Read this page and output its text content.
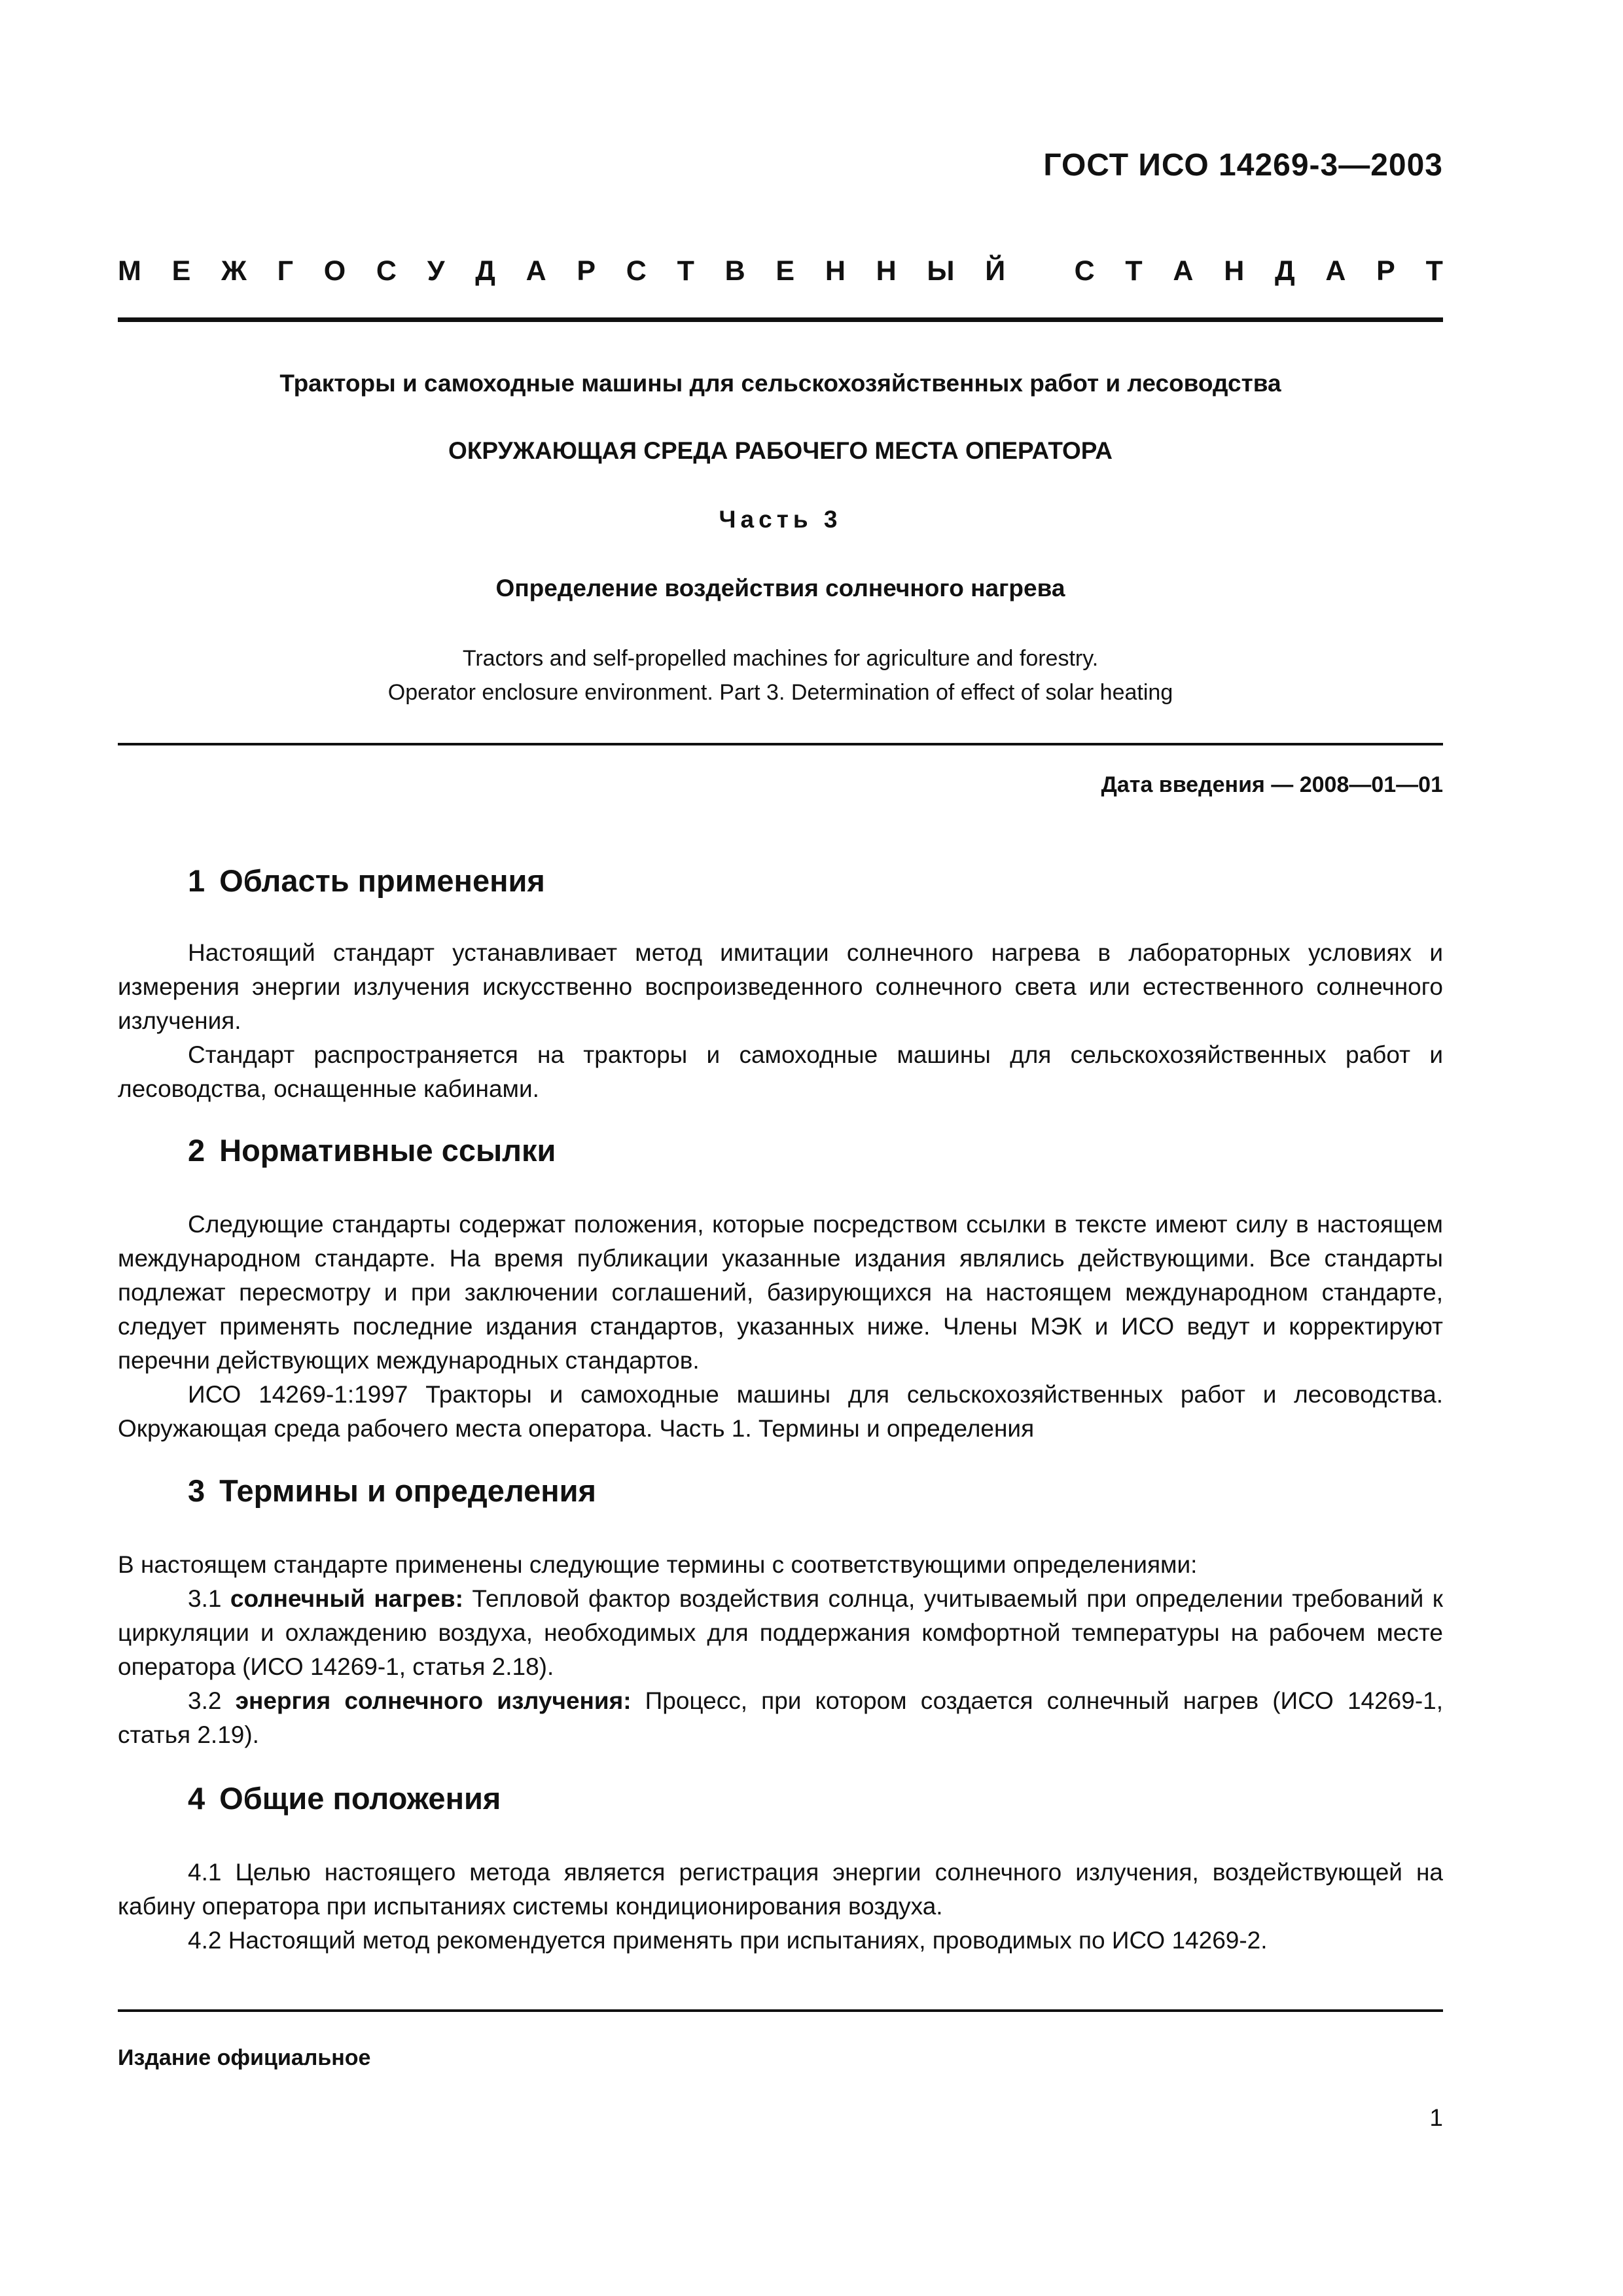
ГОСТ ИСО 14269-3—2003
М Е Ж Г О С У Д А Р С Т В Е Н Н Ы Й
С Т А Н Д А Р Т
Тракторы и самоходные машины для сельскохозяйственных работ и лесоводства
ОКРУЖАЮЩАЯ СРЕДА РАБОЧЕГО МЕСТА ОПЕРАТОРА
Часть 3
Определение воздействия солнечного нагрева
Tractors and self-propelled machines for agriculture and forestry.
Operator enclosure environment. Part 3. Determination of effect of solar heating
Дата введения — 2008—01—01
1 Область применения

Настоящий стандарт устанавливает метод имитации солнечного нагрева в лабораторных условиях и измерения энергии излучения искусственно воспроизведенного солнечного света или естественного солнечного излучения.

Стандарт распространяется на тракторы и самоходные машины для сельскохозяйственных работ и лесоводства, оснащенные кабинами.

2 Нормативные ссылки

Следующие стандарты содержат положения, которые посредством ссылки в тексте имеют силу в настоящем международном стандарте. На время публикации указанные издания являлись действующими. Все стандарты подлежат пересмотру и при заключении соглашений, базирующихся на настоящем международном стандарте, следует применять последние издания стандартов, указанных ниже. Члены МЭК и ИСО ведут и корректируют перечни действующих международных стандартов.

ИСО 14269-1:1997 Тракторы и самоходные машины для сельскохозяйственных работ и лесоводства. Окружающая среда рабочего места оператора. Часть 1. Термины и определения

3 Термины и определения

В настоящем стандарте применены следующие термины с соответствующими определениями:

3.1 солнечный нагрев: Тепловой фактор воздействия солнца, учитываемый при определении требований к циркуляции и охлаждению воздуха, необходимых для поддержания комфортной температуры на рабочем месте оператора (ИСО 14269-1, статья 2.18).

3.2 энергия солнечного излучения: Процесс, при котором создается солнечный нагрев (ИСО 14269-1, статья 2.19).

4 Общие положения

4.1 Целью настоящего метода является регистрация энергии солнечного излучения, воздействующей на кабину оператора при испытаниях системы кондиционирования воздуха.

4.2 Настоящий метод рекомендуется применять при испытаниях, проводимых по ИСО 14269-2.

Издание официальное
1
